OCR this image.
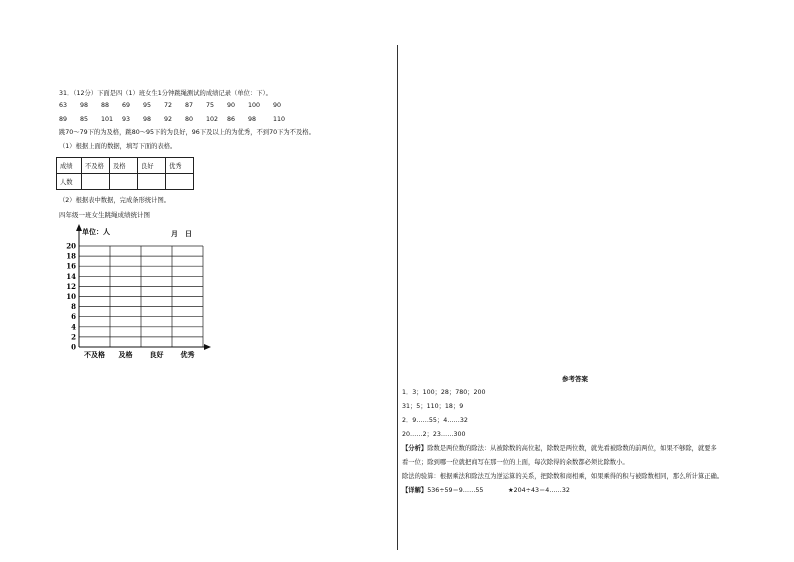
31．（12分）下面是四（1）班女生1分钟跳绳测试的成绩记录（单位：下）。
63 98 88 69 95 72 87 75 90 100 90
89 85 101 93 98 92 80 102 86 98	110
跳70～79下的为及格，跳80～95下的为良好，96下及以上的为优秀，不到70下为不及格。
（1）根据上面的数据，填写下面的表格。
成绩	不及格	及格	良好	优秀
人数				
（2）根据表中数据，完成条形统计图。
四年级一班女生跳绳成绩统计图
20
18
16
14
12
10
8
6
4
2
0
不及格 及格 良好 优秀
单位：人	月　日
参考答案
1．3；100；28；780；200
31；5；110；18；9
2．9……55；4……32
20……2；23……300
【分析】除数是两位数的除法：从被除数的高位起，除数是两位数，就先看被除数的前两位，如果不够除，就要多
看一位；除到哪一位就把商写在那一位的上面，每次除得的余数都必须比除数小。
除法的验算：根据乘法和除法互为逆运算的关系，把除数和商相乘，如果乘得的积与被除数相同，那么所计算正确。
【详解】536÷59＝9……55	★204÷43＝4……32
